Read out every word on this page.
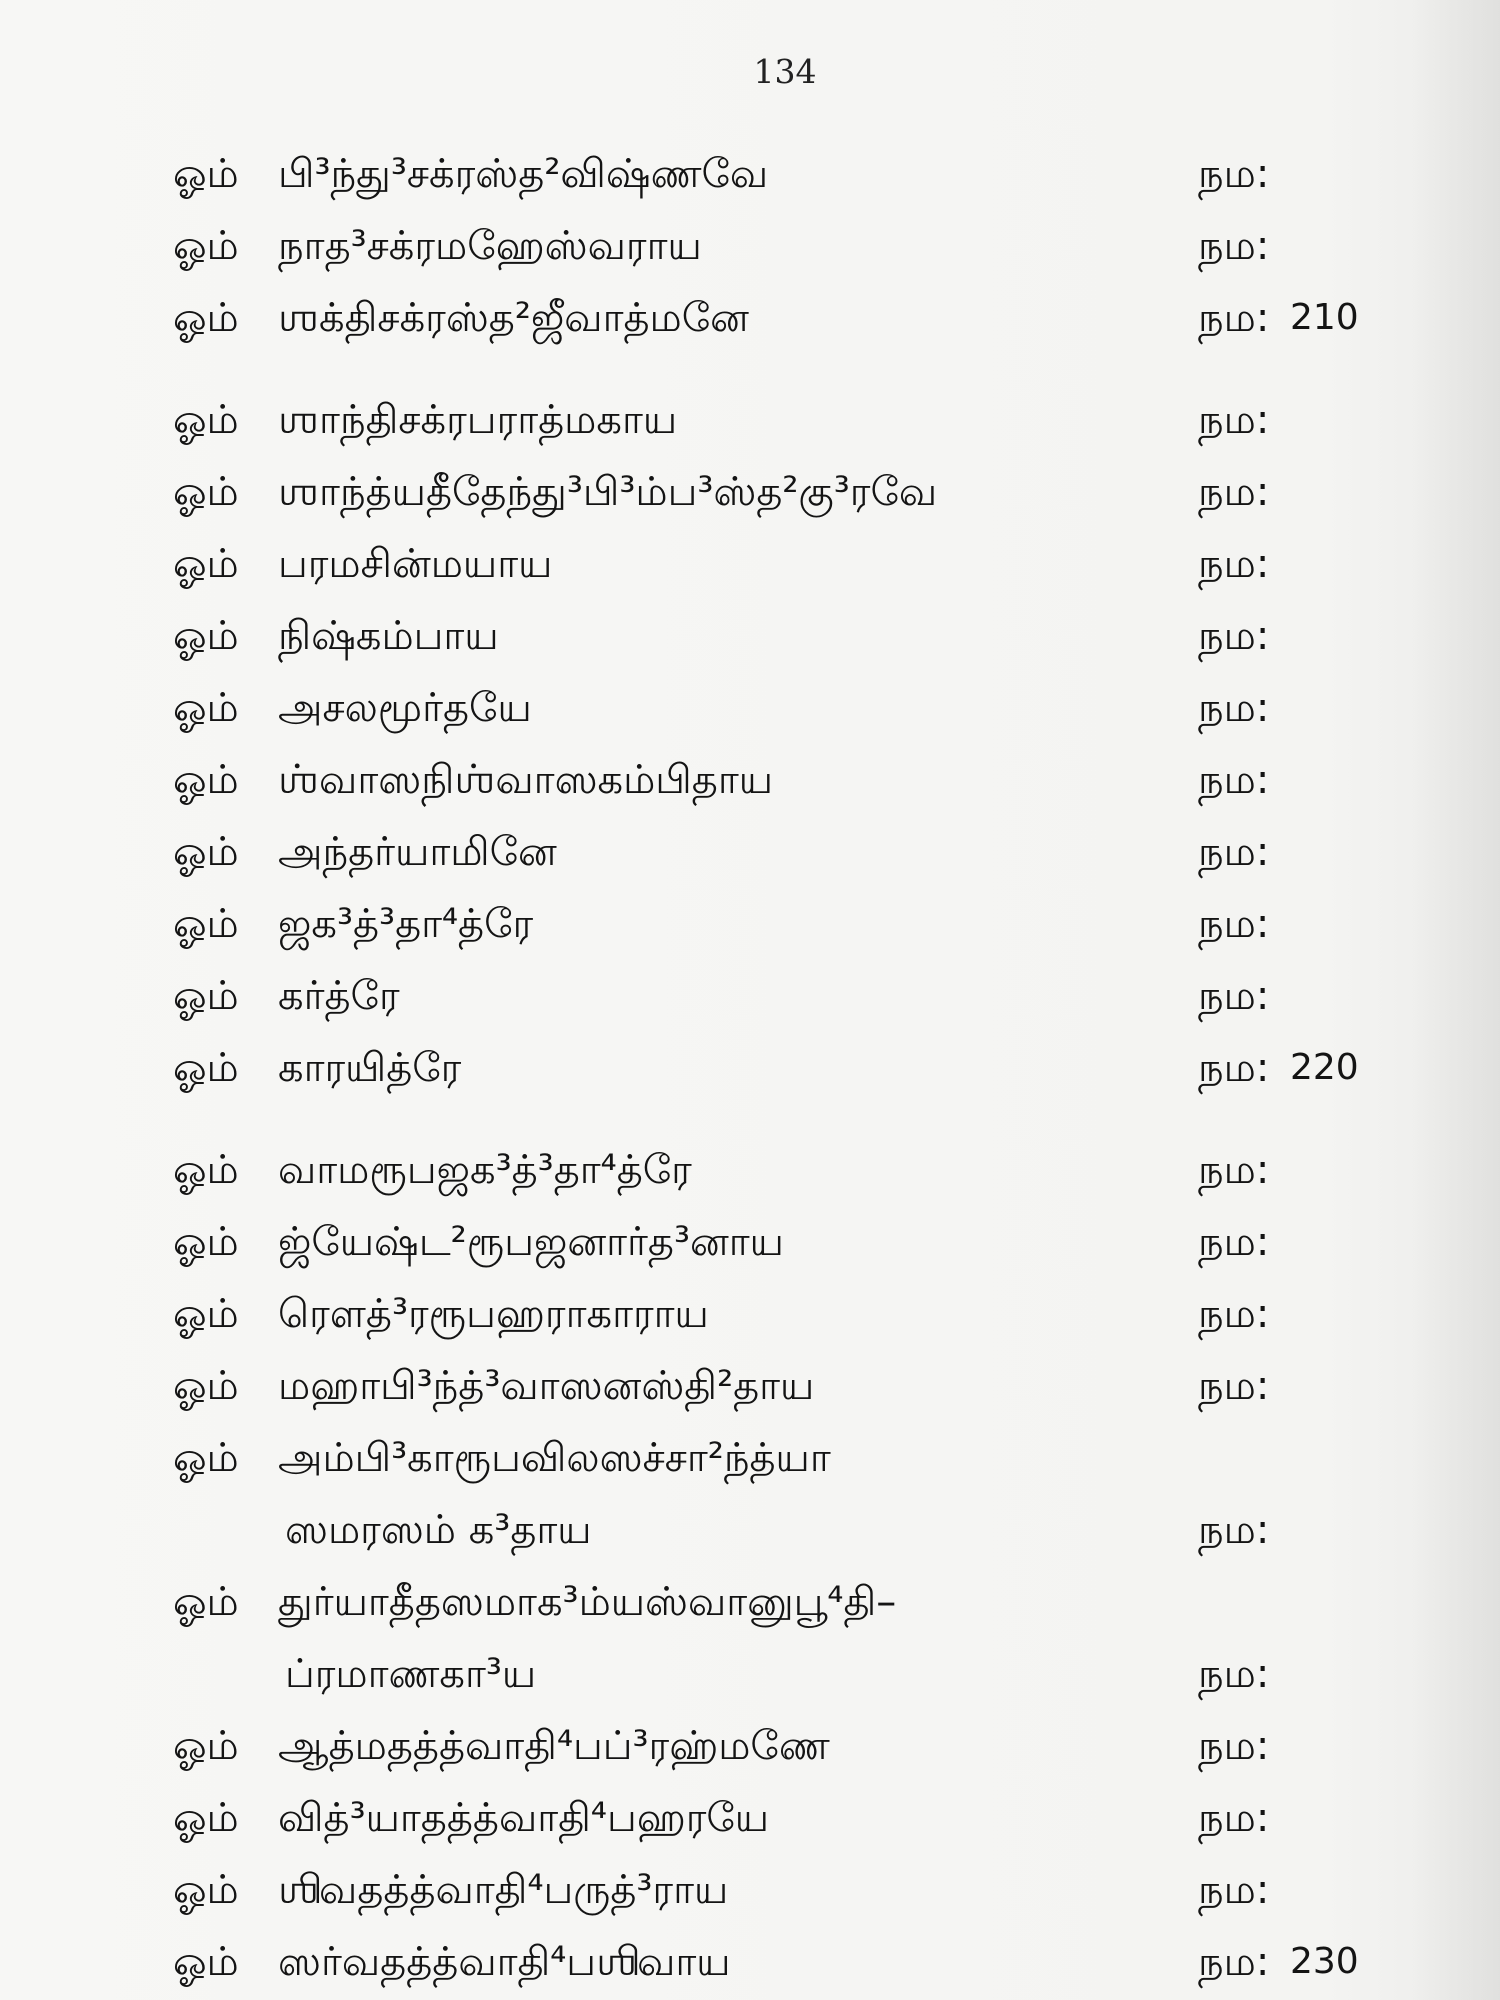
134
ஓம் பி³ந்து³சக்ரஸ்த²விஷ்ணவே	நம:
ஓம் நாத³சக்ரமஹேஸ்வராய	நம:
ஓம் ஶக்திசக்ரஸ்த²ஜீவாத்மனே	நம: 210
ஓம் ஶாந்திசக்ரபராத்மகாய	நம:
ஓம் ஶாந்த்யதீதேந்து³பி³ம்ப³ஸ்த²கு³ரவே	நம:
ஓம் பரமசின்மயாய	நம:
ஓம் நிஷ்கம்பாய	நம:
ஓம் அசலமூர்தயே	நம:
ஓம் ஶ்வாஸநிஶ்வாஸகம்பிதாய	நம:
ஓம் அந்தர்யாமினே	நம:
ஓம் ஜக³த்³தா⁴த்ரே	நம:
ஓம் கர்த்ரே	நம:
ஓம் காரயித்ரே	நம: 220
ஓம் வாமரூபஜக³த்³தா⁴த்ரே	நம:
ஓம் ஜ்யேஷ்ட²ரூபஜனார்த³னாய	நம:
ஓம் ரௌத்³ரரூபஹராகாராய	நம:
ஓம் மஹாபி³ந்த்³வாஸனஸ்தி²தாய	நம:
ஓம் அம்பி³காரூபவிலஸச்சா²ந்த்யா
ஸமரஸம் க³தாய	நம:
ஓம் துர்யாதீதஸமாக³ம்யஸ்வானுபூ⁴தி–
ப்ரமாணகா³ய	நம:
ஓம் ஆத்மதத்த்வாதி⁴பப்³ரஹ்மணே	நம:
ஓம் வித்³யாதத்த்வாதி⁴பஹரயே	நம:
ஓம் ஶிவதத்த்வாதி⁴பருத்³ராய	நம:
ஓம் ஸர்வதத்த்வாதி⁴பஶிவாய	நம: 230
